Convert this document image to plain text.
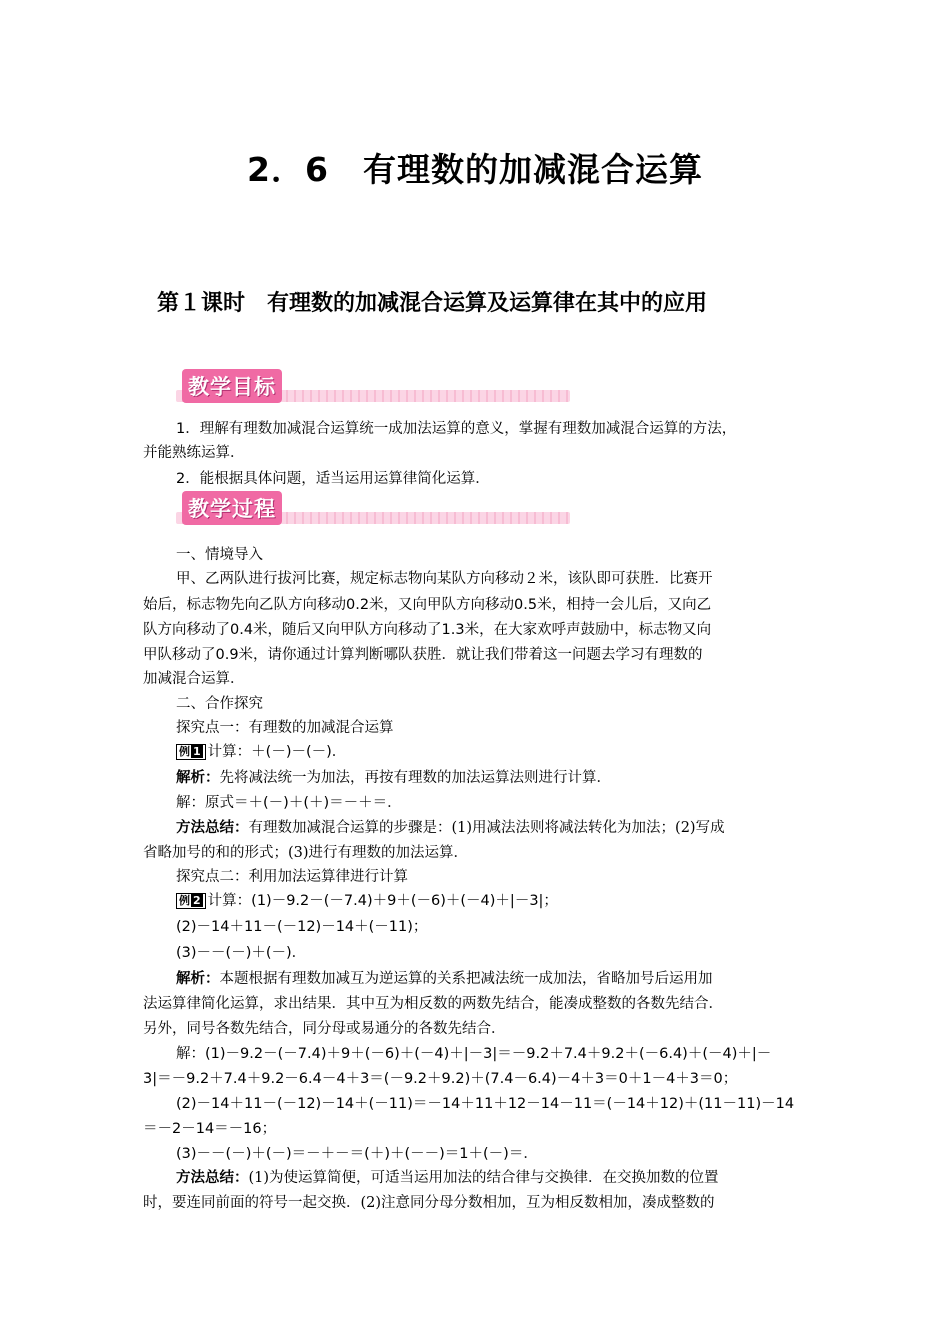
2．6　有理数的加减混合运算
第１课时　有理数的加减混合运算及运算律在其中的应用
教学目标
1．理解有理数加减混合运算统一成加法运算的意义，掌握有理数加减混合运算的方法，
并能熟练运算．
2．能根据具体问题，适当运用运算律简化运算．
教学过程
一、情境导入
甲、乙两队进行拔河比赛，规定标志物向某队方向移动２米，该队即可获胜．比赛开
始后，标志物先向乙队方向移动0.2米，又向甲队方向移动0.5米，相持一会儿后，又向乙
队方向移动了0.4米，随后又向甲队方向移动了1.3米，在大家欢呼声鼓励中，标志物又向
甲队移动了0.9米，请你通过计算判断哪队获胜．就让我们带着这一问题去学习有理数的
加减混合运算．
二、合作探究
探究点一：有理数的加减混合运算
例 1 计算：＋(－)－(－)．
解析：先将减法统一为加法，再按有理数的加法运算法则进行计算．
解：原式＝＋(－)＋(＋)＝－＋＝．
方法总结：有理数加减混合运算的步骤是：(1)用减法法则将减法转化为加法；(2)写成
省略加号的和的形式；(3)进行有理数的加法运算．
探究点二：利用加法运算律进行计算
例 2 计算：(1)－9.2－(－7.4)＋9＋(－6)＋(－4)＋|－3|；
(2)－14＋11－(－12)－14＋(－11)；
(3)－－(－)＋(－)．
解析：本题根据有理数加减互为逆运算的关系把减法统一成加法，省略加号后运用加
法运算律简化运算，求出结果．其中互为相反数的两数先结合，能凑成整数的各数先结合．
另外，同号各数先结合，同分母或易通分的各数先结合．
解：(1)－9.2－(－7.4)＋9＋(－6)＋(－4)＋|－3|＝－9.2＋7.4＋9.2＋(－6.4)＋(－4)＋|－
3|＝－9.2＋7.4＋9.2－6.4－4＋3＝(－9.2＋9.2)＋(7.4－6.4)－4＋3＝0＋1－4＋3＝0；
(2)－14＋11－(－12)－14＋(－11)＝－14＋11＋12－14－11＝(－14＋12)＋(11－11)－14
＝－2－14＝－16；
(3)－－(－)＋(－)＝－＋－＝(＋)＋(－－)＝1＋(－)＝．
方法总结：(1)为使运算简便，可适当运用加法的结合律与交换律．在交换加数的位置
时，要连同前面的符号一起交换．(2)注意同分母分数相加，互为相反数相加，凑成整数的
